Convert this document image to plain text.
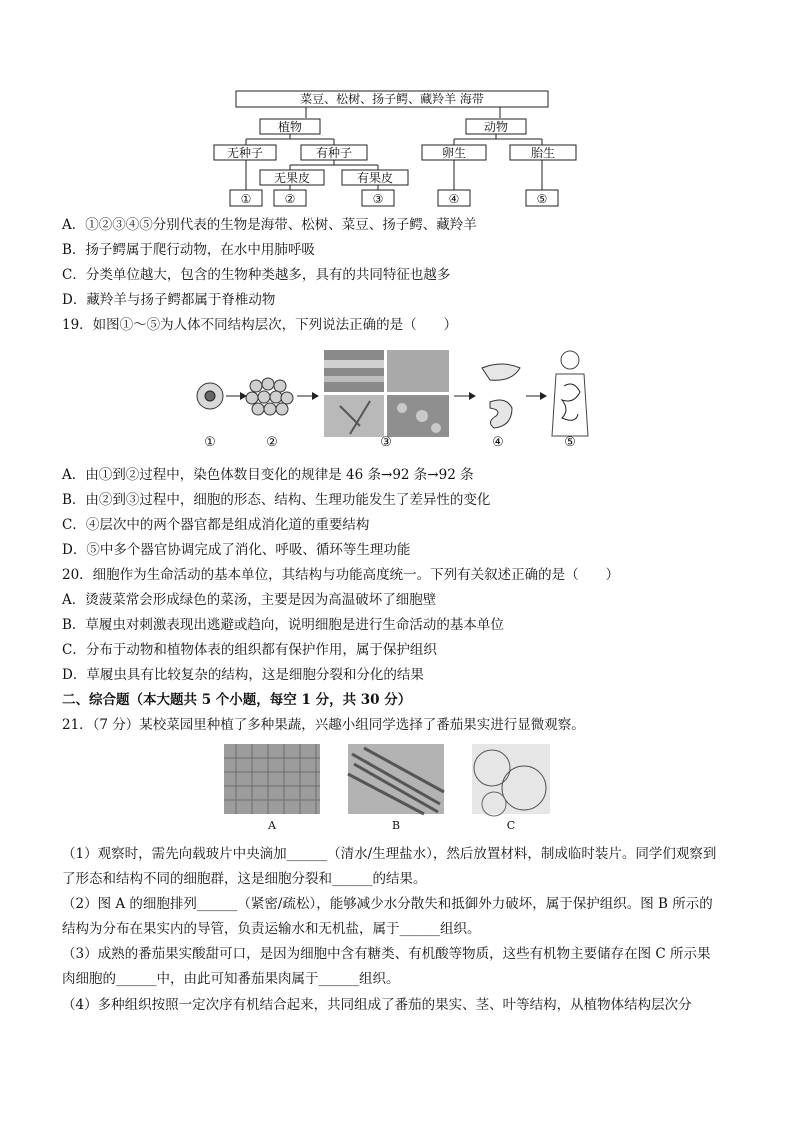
菜豆、松树、扬子鳄、藏羚羊 海带
植物	动物
无种子	有种子
无果皮	有果皮
卵生	胎生
①	②	③	④	⑤
A．①②③④⑤分别代表的生物是海带、松树、菜豆、扬子鳄、藏羚羊
B．扬子鳄属于爬行动物，在水中用肺呼吸
C．分类单位越大，包含的生物种类越多，具有的共同特征也越多
D．藏羚羊与扬子鳄都属于脊椎动物
19．如图①～⑤为人体不同结构层次，下列说法正确的是（　　）
①	②	③	④	⑤
A．由①到②过程中，染色体数目变化的规律是 46 条→92 条→92 条
B．由②到③过程中，细胞的形态、结构、生理功能发生了差异性的变化
C．④层次中的两个器官都是组成消化道的重要结构
D．⑤中多个器官协调完成了消化、呼吸、循环等生理功能
20．细胞作为生命活动的基本单位，其结构与功能高度统一。下列有关叙述正确的是（　　）
A．烫菠菜常会形成绿色的菜汤，主要是因为高温破坏了细胞壁
B．草履虫对刺激表现出逃避或趋向，说明细胞是进行生命活动的基本单位
C．分布于动物和植物体表的组织都有保护作用，属于保护组织
D．草履虫具有比较复杂的结构，这是细胞分裂和分化的结果
二、综合题（本大题共 5 个小题，每空 1 分，共 30 分）
21．（7 分）某校菜园里种植了多种果蔬，兴趣小组同学选择了番茄果实进行显微观察。
A	B	C
（1）观察时，需先向载玻片中央滴加______（清水/生理盐水），然后放置材料，制成临时装片。同学们观察到了形态和结构不同的细胞群，这是细胞分裂和______的结果。
（2）图 A 的细胞排列______（紧密/疏松），能够减少水分散失和抵御外力破坏，属于保护组织。图 B 所示的结构为分布在果实内的导管，负责运输水和无机盐，属于______组织。
（3）成熟的番茄果实酸甜可口，是因为细胞中含有糖类、有机酸等物质，这些有机物主要储存在图 C 所示果肉细胞的______中，由此可知番茄果肉属于______组织。
（4）多种组织按照一定次序有机结合起来，共同组成了番茄的果实、茎、叶等结构，从植物体结构层次分
